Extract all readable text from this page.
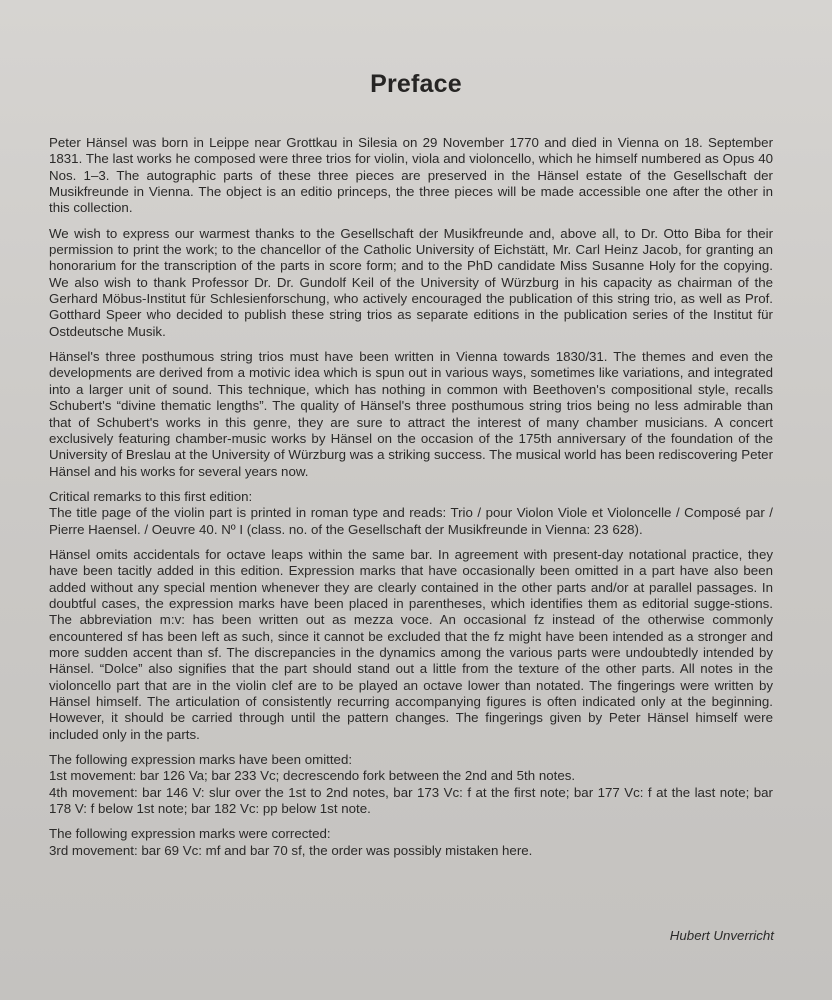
Preface

Peter Hänsel was born in Leippe near Grottkau in Silesia on 29 November 1770 and died in Vienna on 18. September 1831. The last works he composed were three trios for violin, viola and violoncello, which he himself numbered as Opus 40 Nos. 1–3. The autographic parts of these three pieces are preserved in the Hänsel estate of the Gesellschaft der Musikfreunde in Vienna. The object is an editio princeps, the three pieces will be made accessible one after the other in this collection.

We wish to express our warmest thanks to the Gesellschaft der Musikfreunde and, above all, to Dr. Otto Biba for their permission to print the work; to the chancellor of the Catholic University of Eichstätt, Mr. Carl Heinz Jacob, for granting an honorarium for the transcription of the parts in score form; and to the PhD candidate Miss Susanne Holy for the copying. We also wish to thank Professor Dr. Dr. Gundolf Keil of the University of Würzburg in his capacity as chairman of the Gerhard Möbus-Institut für Schlesienforschung, who actively encouraged the publication of this string trio, as well as Prof. Gotthard Speer who decided to publish these string trios as separate editions in the publication series of the Institut für Ostdeutsche Musik.

Hänsel's three posthumous string trios must have been written in Vienna towards 1830/31. The themes and even the developments are derived from a motivic idea which is spun out in various ways, sometimes like variations, and integrated into a larger unit of sound. This technique, which has nothing in common with Beethoven's compositional style, recalls Schubert's “divine thematic lengths”. The quality of Hänsel's three posthumous string trios being no less admirable than that of Schubert's works in this genre, they are sure to attract the interest of many chamber musicians. A concert exclusively featuring chamber-music works by Hänsel on the occasion of the 175th anniversary of the foundation of the University of Breslau at the University of Würzburg was a striking success. The musical world has been rediscovering Peter Hänsel and his works for several years now.

Critical remarks to this first edition:
The title page of the violin part is printed in roman type and reads: Trio / pour Violon Viole et Violoncelle / Composé par / Pierre Haensel. / Oeuvre 40. Nº I (class. no. of the Gesellschaft der Musikfreunde in Vienna: 23 628).

Hänsel omits accidentals for octave leaps within the same bar. In agreement with present-day notational practice, they have been tacitly added in this edition. Expression marks that have occasionally been omitted in a part have also been added without any special mention whenever they are clearly contained in the other parts and/or at parallel passages. In doubtful cases, the expression marks have been placed in parentheses, which identifies them as editorial sugge-stions. The abbreviation m:v: has been written out as mezza voce. An occasional fz instead of the otherwise commonly encountered sf has been left as such, since it cannot be excluded that the fz might have been intended as a stronger and more sudden accent than sf. The discrepancies in the dynamics among the various parts were undoubtedly intended by Hänsel. “Dolce” also signifies that the part should stand out a little from the texture of the other parts. All notes in the violoncello part that are in the violin clef are to be played an octave lower than notated. The fingerings were written by Hänsel himself. The articulation of consistently recurring accompanying figures is often indicated only at the beginning. However, it should be carried through until the pattern changes. The fingerings given by Peter Hänsel himself were included only in the parts.

The following expression marks have been omitted:
1st movement: bar 126 Va; bar 233 Vc; decrescendo fork between the 2nd and 5th notes.
4th movement: bar 146 V: slur over the 1st to 2nd notes, bar 173 Vc: f at the first note; bar 177 Vc: f at the last note; bar 178 V: f below 1st note; bar 182 Vc: pp below 1st note.

The following expression marks were corrected:
3rd movement: bar 69 Vc: mf and bar 70 sf, the order was possibly mistaken here.

Hubert Unverricht
